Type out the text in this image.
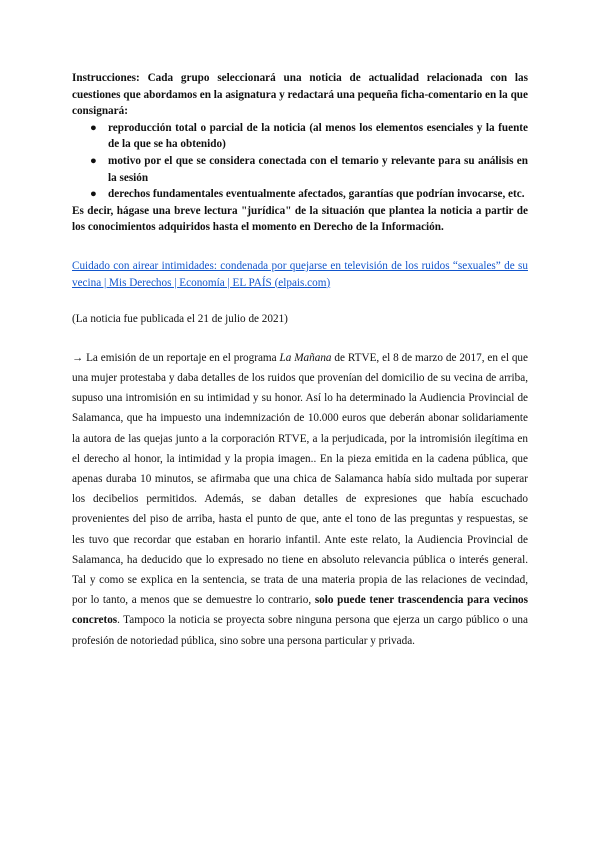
Instrucciones: Cada grupo seleccionará una noticia de actualidad relacionada con las cuestiones que abordamos en la asignatura y redactará una pequeña ficha-comentario en la que consignará:

● reproducción total o parcial de la noticia (al menos los elementos esenciales y la fuente de la que se ha obtenido)
● motivo por el que se considera conectada con el temario y relevante para su análisis en la sesión
● derechos fundamentales eventualmente afectados, garantías que podrían invocarse, etc.

Es decir, hágase una breve lectura "jurídica" de la situación que plantea la noticia a partir de los conocimientos adquiridos hasta el momento en Derecho de la Información.

Cuidado con airear intimidades: condenada por quejarse en televisión de los ruidos “sexuales” de su vecina | Mis Derechos | Economía | EL PAÍS (elpais.com)
(La noticia fue publicada el 21 de julio de 2021)
→ La emisión de un reportaje en el programa La Mañana de RTVE, el 8 de marzo de 2017, en el que una mujer protestaba y daba detalles de los ruidos que provenían del domicilio de su vecina de arriba, supuso una intromisión en su intimidad y su honor. Así lo ha determinado la Audiencia Provincial de Salamanca, que ha impuesto una indemnización de 10.000 euros que deberán abonar solidariamente la autora de las quejas junto a la corporación RTVE, a la perjudicada, por la intromisión ilegítima en el derecho al honor, la intimidad y la propia imagen.. En la pieza emitida en la cadena pública, que apenas duraba 10 minutos, se afirmaba que una chica de Salamanca había sido multada por superar los decibelios permitidos. Además, se daban detalles de expresiones que había escuchado provenientes del piso de arriba, hasta el punto de que, ante el tono de las preguntas y respuestas, se les tuvo que recordar que estaban en horario infantil. Ante este relato, la Audiencia Provincial de Salamanca, ha deducido que lo expresado no tiene en absoluto relevancia pública o interés general. Tal y como se explica en la sentencia, se trata de una materia propia de las relaciones de vecindad, por lo tanto, a menos que se demuestre lo contrario, solo puede tener trascendencia para vecinos concretos. Tampoco la noticia se proyecta sobre ninguna persona que ejerza un cargo público o una profesión de notoriedad pública, sino sobre una persona particular y privada.
